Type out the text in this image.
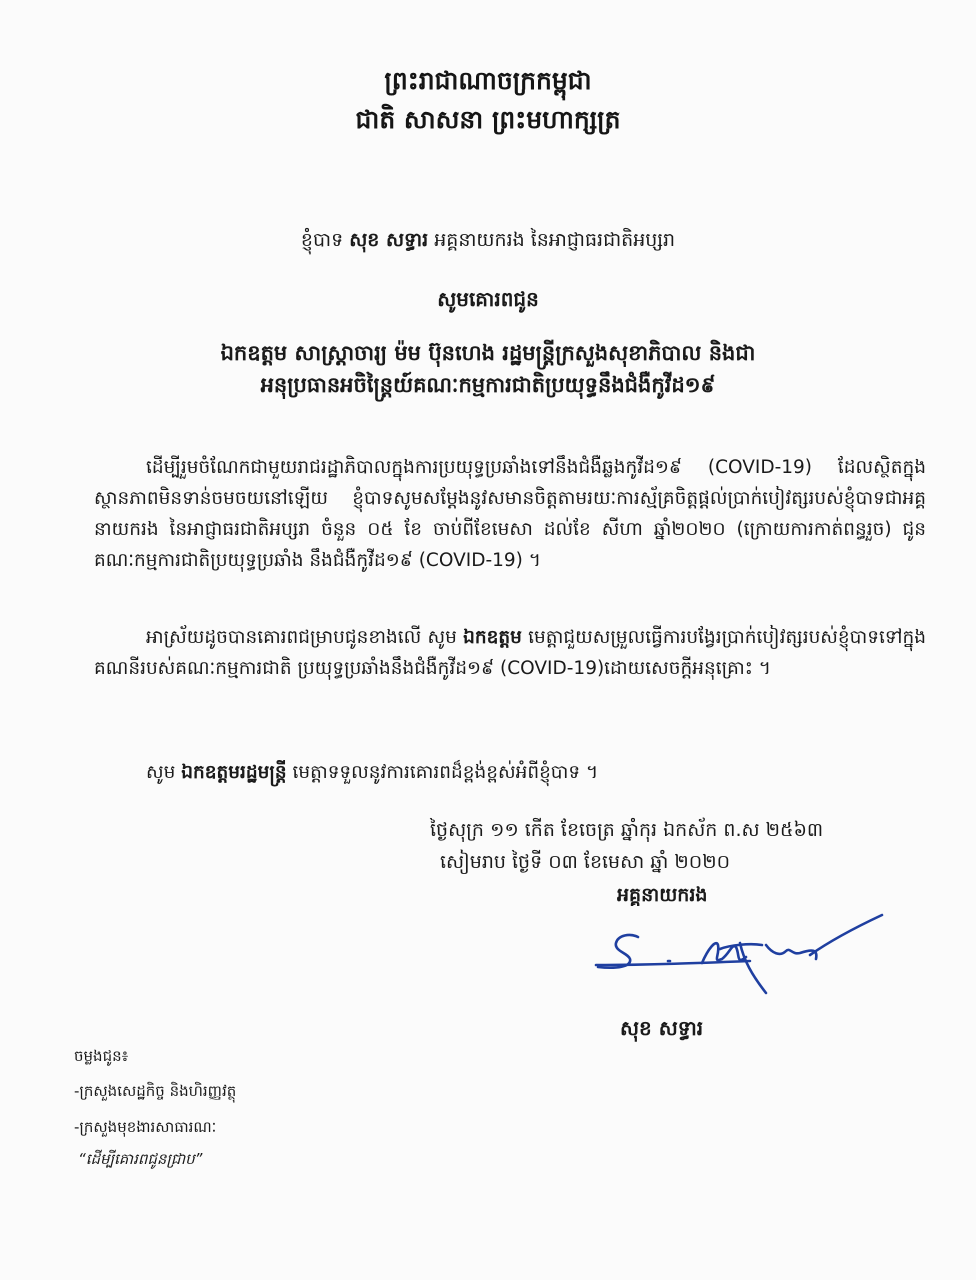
ព្រះរាជាណាចក្រកម្ពុជា
ជាតិ សាសនា ព្រះមហាក្សត្រ
ខ្ញុំបាទ សុខ សទ្ធារ អគ្គនាយករង នៃអាជ្ញាធរជាតិអប្សរា
សូមគោរពជូន
ឯកឧត្តម សាស្ត្រាចារ្យ ម៉ម ប៊ុនហេង រដ្ឋមន្ត្រីក្រសួងសុខាភិបាល និងជា
អនុប្រធានអចិន្ត្រៃយ៍គណៈកម្មការជាតិប្រយុទ្ធនឹងជំងឺកូវីដ១៩
ដើម្បីរួមចំណែកជាមួយរាជរដ្ឋាភិបាលក្នុងការប្រយុទ្ធប្រឆាំងទៅនឹងជំងឺឆ្លងកូវីដ១៩ (COVID-19) ដែលស្ថិតក្នុងស្ថានភាពមិនទាន់ចមចយនៅឡើយ ខ្ញុំបាទសូមសម្តែងនូវសមានចិត្តតាមរយៈការស្ម័គ្រចិត្តផ្តល់ប្រាក់បៀវត្សរបស់ខ្ញុំបាទជាអគ្គនាយករង នៃអាជ្ញាធរជាតិអប្សរា ចំនួន ០៥ ខែ ចាប់ពីខែមេសា ដល់ខែ សីហា ឆ្នាំ២០២០ (ក្រោយការកាត់ពន្ធរួច) ជូនគណៈកម្មការជាតិប្រយុទ្ធប្រឆាំង នឹងជំងឺកូវីដ១៩ (COVID-19) ។
អាស្រ័យដូចបានគោរពជម្រាបជូនខាងលើ សូម ឯកឧត្តម មេត្តាជួយសម្រួលធ្វើការបង្វែរប្រាក់បៀវត្សរបស់ខ្ញុំបាទទៅក្នុងគណនីរបស់គណៈកម្មការជាតិ ប្រយុទ្ធប្រឆាំងនឹងជំងឺកូវីដ១៩ (COVID-19)ដោយសេចក្តីអនុគ្រោះ ។
សូម ឯកឧត្តមរដ្ឋមន្ត្រី មេត្តាទទួលនូវការគោរពដ៏ខ្ពង់ខ្ពស់អំពីខ្ញុំបាទ ។
ថ្ងៃសុក្រ ១១ កើត ខែចេត្រ ឆ្នាំកុរ ឯកស័ក ព.ស ២៥៦៣
សៀមរាប ថ្ងៃទី ០៣ ខែមេសា ឆ្នាំ ២០២០
អគ្គនាយករង
សុខ សទ្ធារ
ចម្លងជូន៖
-ក្រសួងសេដ្ឋកិច្ច និងហិរញ្ញវត្ថុ
-ក្រសួងមុខងារសាធារណៈ
“ដើម្បីគោរពជូនជ្រាប”
